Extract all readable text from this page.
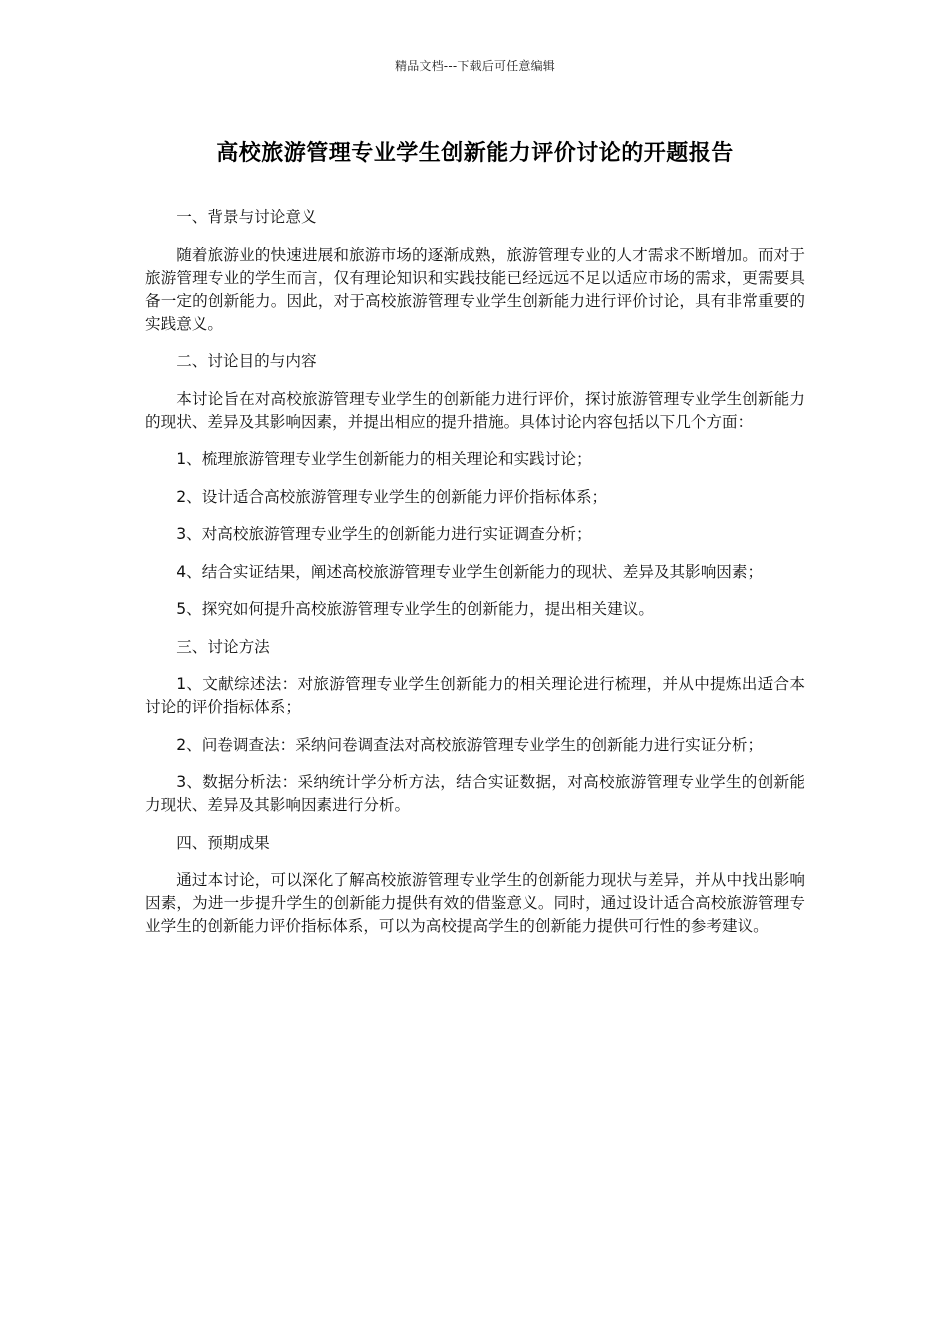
精品文档---下载后可任意编辑
高校旅游管理专业学生创新能力评价讨论的开题报告

一、背景与讨论意义

随着旅游业的快速进展和旅游市场的逐渐成熟，旅游管理专业的人才需求不断增加。而对于旅游管理专业的学生而言，仅有理论知识和实践技能已经远远不足以适应市场的需求，更需要具备一定的创新能力。因此，对于高校旅游管理专业学生创新能力进行评价讨论，具有非常重要的实践意义。

二、讨论目的与内容

本讨论旨在对高校旅游管理专业学生的创新能力进行评价，探讨旅游管理专业学生创新能力的现状、差异及其影响因素，并提出相应的提升措施。具体讨论内容包括以下几个方面：

1、梳理旅游管理专业学生创新能力的相关理论和实践讨论；

2、设计适合高校旅游管理专业学生的创新能力评价指标体系；

3、对高校旅游管理专业学生的创新能力进行实证调查分析；

4、结合实证结果，阐述高校旅游管理专业学生创新能力的现状、差异及其影响因素；

5、探究如何提升高校旅游管理专业学生的创新能力，提出相关建议。

三、讨论方法

1、文献综述法：对旅游管理专业学生创新能力的相关理论进行梳理，并从中提炼出适合本讨论的评价指标体系；

2、问卷调查法：采纳问卷调查法对高校旅游管理专业学生的创新能力进行实证分析；

3、数据分析法：采纳统计学分析方法，结合实证数据，对高校旅游管理专业学生的创新能力现状、差异及其影响因素进行分析。

四、预期成果

通过本讨论，可以深化了解高校旅游管理专业学生的创新能力现状与差异，并从中找出影响因素，为进一步提升学生的创新能力提供有效的借鉴意义。同时，通过设计适合高校旅游管理专业学生的创新能力评价指标体系，可以为高校提高学生的创新能力提供可行性的参考建议。
